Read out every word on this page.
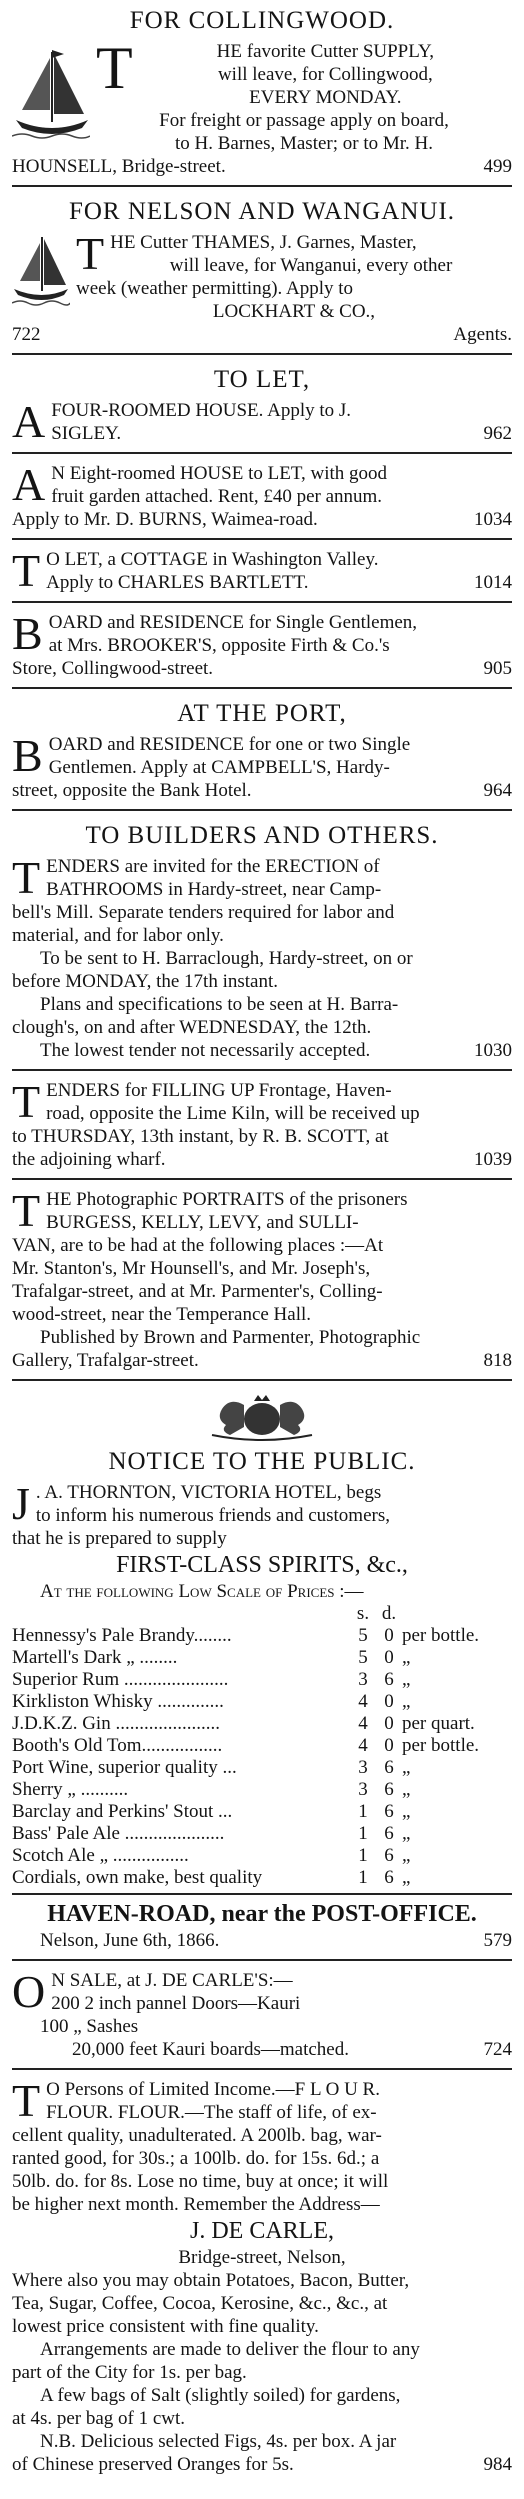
FOR COLLINGWOOD.
T	HE favorite Cutter SUPPLY,
will leave, for Collingwood,
EVERY MONDAY.
For freight or passage apply on board,
to H. Barnes, Master; or to Mr. H.
HOUNSELL, Bridge-street.	499
FOR NELSON AND WANGANUI.
T HE Cutter THAMES, J. Garnes, Master,
will leave, for Wanganui, every other
week (weather permitting). Apply to
LOCKHART & CO.,
722	Agents.
TO LET,
A FOUR-ROOMED HOUSE. Apply to J.
SIGLEY.	962
A N Eight-roomed HOUSE to LET, with good
fruit garden attached. Rent, £40 per annum.
Apply to Mr. D. BURNS, Waimea-road.	1034
T O LET, a COTTAGE in Washington Valley.
Apply to CHARLES BARTLETT.	1014
B OARD and RESIDENCE for Single Gentlemen,
at Mrs. BROOKER'S, opposite Firth & Co.'s
Store, Collingwood-street.	905
AT THE PORT,
B OARD and RESIDENCE for one or two Single
Gentlemen. Apply at CAMPBELL'S, Hardy-
street, opposite the Bank Hotel.	964
TO BUILDERS AND OTHERS.
T ENDERS are invited for the ERECTION of
BATHROOMS in Hardy-street, near Camp-
bell's Mill. Separate tenders required for labor and
material, and for labor only.
To be sent to H. Barraclough, Hardy-street, on or
before MONDAY, the 17th instant.
Plans and specifications to be seen at H. Barra-
clough's, on and after WEDNESDAY, the 12th.
The lowest tender not necessarily accepted.	1030
T ENDERS for FILLING UP Frontage, Haven-
road, opposite the Lime Kiln, will be received up
to THURSDAY, 13th instant, by R. B. SCOTT, at
the adjoining wharf.	1039
T HE Photographic PORTRAITS of the prisoners
BURGESS, KELLY, LEVY, and SULLI-
VAN, are to be had at the following places :—At
Mr. Stanton's, Mr Hounsell's, and Mr. Joseph's,
Trafalgar-street, and at Mr. Parmenter's, Colling-
wood-street, near the Temperance Hall.
Published by Brown and Parmenter, Photographic
Gallery, Trafalgar-street.	818
NOTICE TO THE PUBLIC.
J . A. THORNTON, VICTORIA HOTEL, begs
to inform his numerous friends and customers,
that he is prepared to supply
FIRST-CLASS SPIRITS, &c.,
At the following Low Scale of Prices :—
	s.	d.	
Hennessy's Pale Brandy........	5	0	per bottle.
Martell's Dark „ ........	5	0	„
Superior Rum ......................	3	6	„
Kirkliston Whisky ..............	4	0	„
J.D.K.Z. Gin ......................	4	0	per quart.
Booth's Old Tom.................	4	0	per bottle.
Port Wine, superior quality ...	3	6	„
Sherry „ ..........	3	6	„
Barclay and Perkins' Stout ...	1	6	„
Bass' Pale Ale .....................	1	6	„
Scotch Ale „ ................	1	6	„
Cordials, own make, best quality	1	6	„
HAVEN-ROAD, near the POST-OFFICE.
Nelson, June 6th, 1866.	579
O N SALE, at J. DE CARLE'S:—
200 2 inch pannel Doors—Kauri
100 „ Sashes
20,000 feet Kauri boards—matched.	724
T O Persons of Limited Income.—F L O U R.
FLOUR. FLOUR.—The staff of life, of ex-
cellent quality, unadulterated. A 200lb. bag, war-
ranted good, for 30s.; a 100lb. do. for 15s. 6d.; a
50lb. do. for 8s. Lose no time, buy at once; it will
be higher next month. Remember the Address—
J. DE CARLE,
Bridge-street, Nelson,
Where also you may obtain Potatoes, Bacon, Butter,
Tea, Sugar, Coffee, Cocoa, Kerosine, &c., &c., at
lowest price consistent with fine quality.
Arrangements are made to deliver the flour to any
part of the City for 1s. per bag.
A few bags of Salt (slightly soiled) for gardens,
at 4s. per bag of 1 cwt.
N.B. Delicious selected Figs, 4s. per box. A jar
of Chinese preserved Oranges for 5s.	984
